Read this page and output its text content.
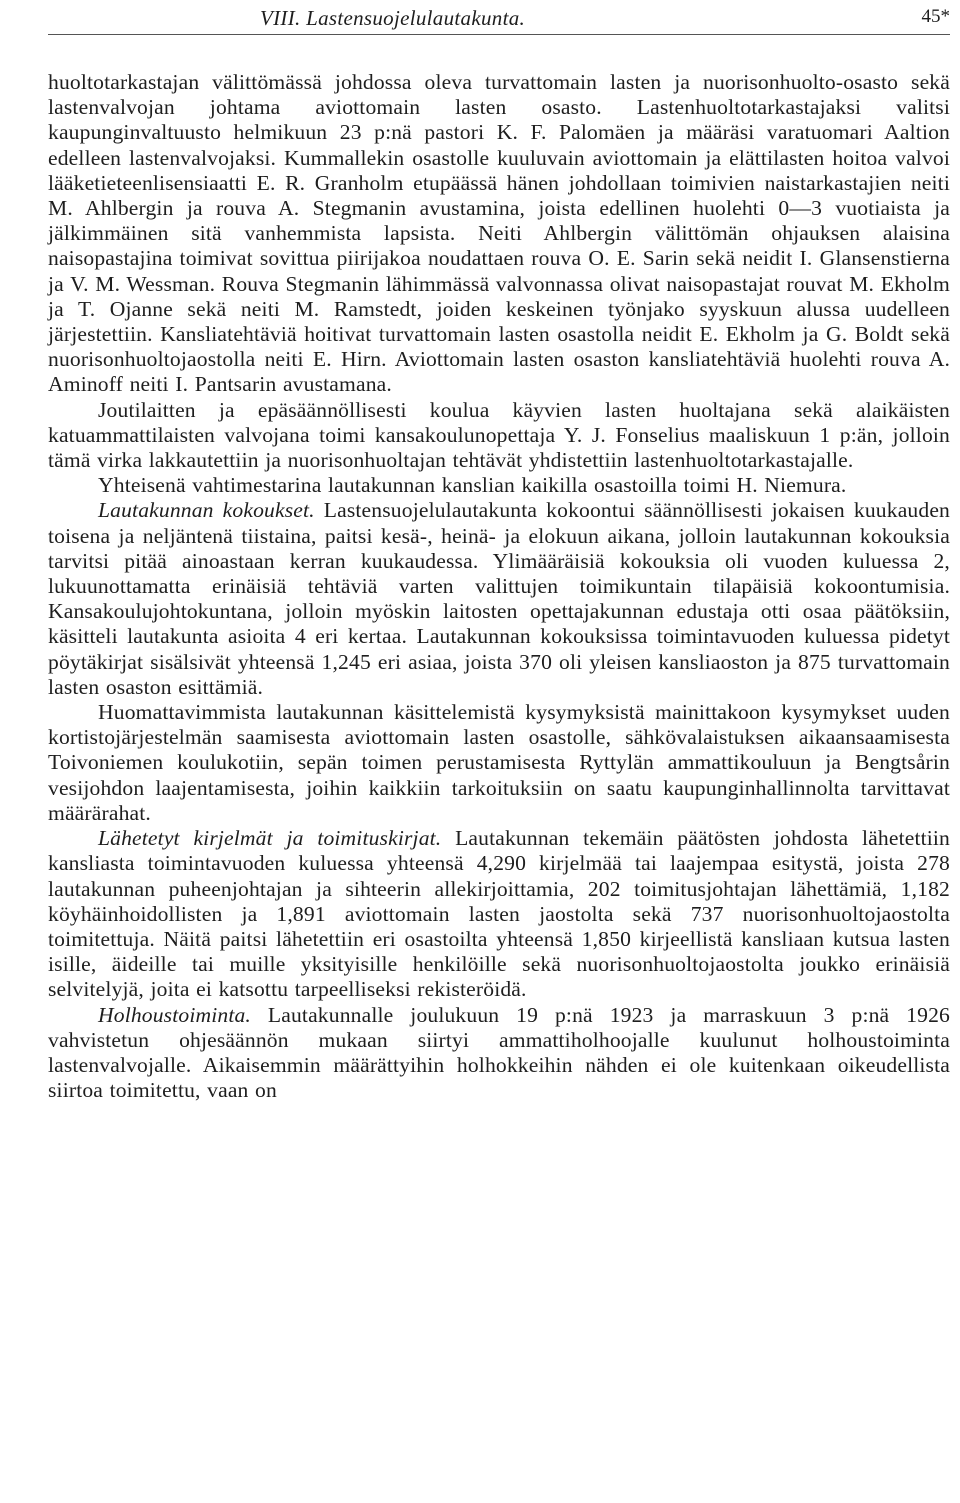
VIII. Lastensuojelulautakunta.	45*

huoltotarkastajan välittömässä johdossa oleva turvattomain lasten ja nuorisonhuolto-osasto sekä lastenvalvojan johtama aviottomain lasten osasto. Lastenhuoltotarkastajaksi valitsi kaupunginvaltuusto helmikuun 23 p:nä pastori K. F. Palomäen ja määräsi varatuomari Aaltion edelleen lastenvalvojaksi. Kummallekin osastolle kuuluvain aviottomain ja elättilasten hoitoa valvoi lääketieteenlisensiaatti E. R. Granholm etupäässä hänen johdollaan toimivien naistarkastajien neiti M. Ahlbergin ja rouva A. Stegmanin avustamina, joista edellinen huolehti 0—3 vuotiaista ja jälkimmäinen sitä vanhemmista lapsista. Neiti Ahlbergin välittömän ohjauksen alaisina naisopastajina toimivat sovittua piirijakoa noudattaen rouva O. E. Sarin sekä neidit I. Glansenstierna ja V. M. Wessman. Rouva Stegmanin lähimmässä valvonnassa olivat naisopastajat rouvat M. Ekholm ja T. Ojanne sekä neiti M. Ramstedt, joiden keskeinen työnjako syyskuun alussa uudelleen järjestettiin. Kansliatehtäviä hoitivat turvattomain lasten osastolla neidit E. Ekholm ja G. Boldt sekä nuorisonhuoltojaostolla neiti E. Hirn. Aviottomain lasten osaston kansliatehtäviä huolehti rouva A. Aminoff neiti I. Pantsarin avustamana.

Joutilaitten ja epäsäännöllisesti koulua käyvien lasten huoltajana sekä alaikäisten katuammattilaisten valvojana toimi kansakoulunopettaja Y. J. Fonselius maaliskuun 1 p:än, jolloin tämä virka lakkautettiin ja nuorisonhuoltajan tehtävät yhdistettiin lastenhuoltotarkastajalle.

Yhteisenä vahtimestarina lautakunnan kanslian kaikilla osastoilla toimi H. Niemura.

Lautakunnan kokoukset. Lastensuojelulautakunta kokoontui säännöllisesti jokaisen kuukauden toisena ja neljäntenä tiistaina, paitsi kesä-, heinä- ja elokuun aikana, jolloin lautakunnan kokouksia tarvitsi pitää ainoastaan kerran kuukaudessa. Ylimääräisiä kokouksia oli vuoden kuluessa 2, lukuunottamatta erinäisiä tehtäviä varten valittujen toimikuntain tilapäisiä kokoontumisia. Kansakoulujohtokuntana, jolloin myöskin laitosten opettajakunnan edustaja otti osaa päätöksiin, käsitteli lautakunta asioita 4 eri kertaa. Lautakunnan kokouksissa toimintavuoden kuluessa pidetyt pöytäkirjat sisälsivät yhteensä 1,245 eri asiaa, joista 370 oli yleisen kansliaoston ja 875 turvattomain lasten osaston esittämiä.

Huomattavimmista lautakunnan käsittelemistä kysymyksistä mainittakoon kysymykset uuden kortistojärjestelmän saamisesta aviottomain lasten osastolle, sähkövalaistuksen aikaansaamisesta Toivoniemen koulukotiin, sepän toimen perustamisesta Ryttylän ammattikouluun ja Bengtsårin vesijohdon laajentamisesta, joihin kaikkiin tarkoituksiin on saatu kaupunginhallinnolta tarvittavat määrärahat.

Lähetetyt kirjelmät ja toimituskirjat. Lautakunnan tekemäin päätösten johdosta lähetettiin kansliasta toimintavuoden kuluessa yhteensä 4,290 kirjelmää tai laajempaa esitystä, joista 278 lautakunnan puheenjohtajan ja sihteerin allekirjoittamia, 202 toimitusjohtajan lähettämiä, 1,182 köyhäinhoidollisten ja 1,891 aviottomain lasten jaostolta sekä 737 nuorisonhuoltojaostolta toimitettuja. Näitä paitsi lähetettiin eri osastoilta yhteensä 1,850 kirjeellistä kansliaan kutsua lasten isille, äideille tai muille yksityisille henkilöille sekä nuorisonhuoltojaostolta joukko erinäisiä selvitelyjä, joita ei katsottu tarpeelliseksi rekisteröidä.

Holhoustoiminta. Lautakunnalle joulukuun 19 p:nä 1923 ja marraskuun 3 p:nä 1926 vahvistetun ohjesäännön mukaan siirtyi ammattiholhoojalle kuulunut holhoustoiminta lastenvalvojalle. Aikaisemmin määrättyihin holhokkeihin nähden ei ole kuitenkaan oikeudellista siirtoa toimitettu, vaan on
